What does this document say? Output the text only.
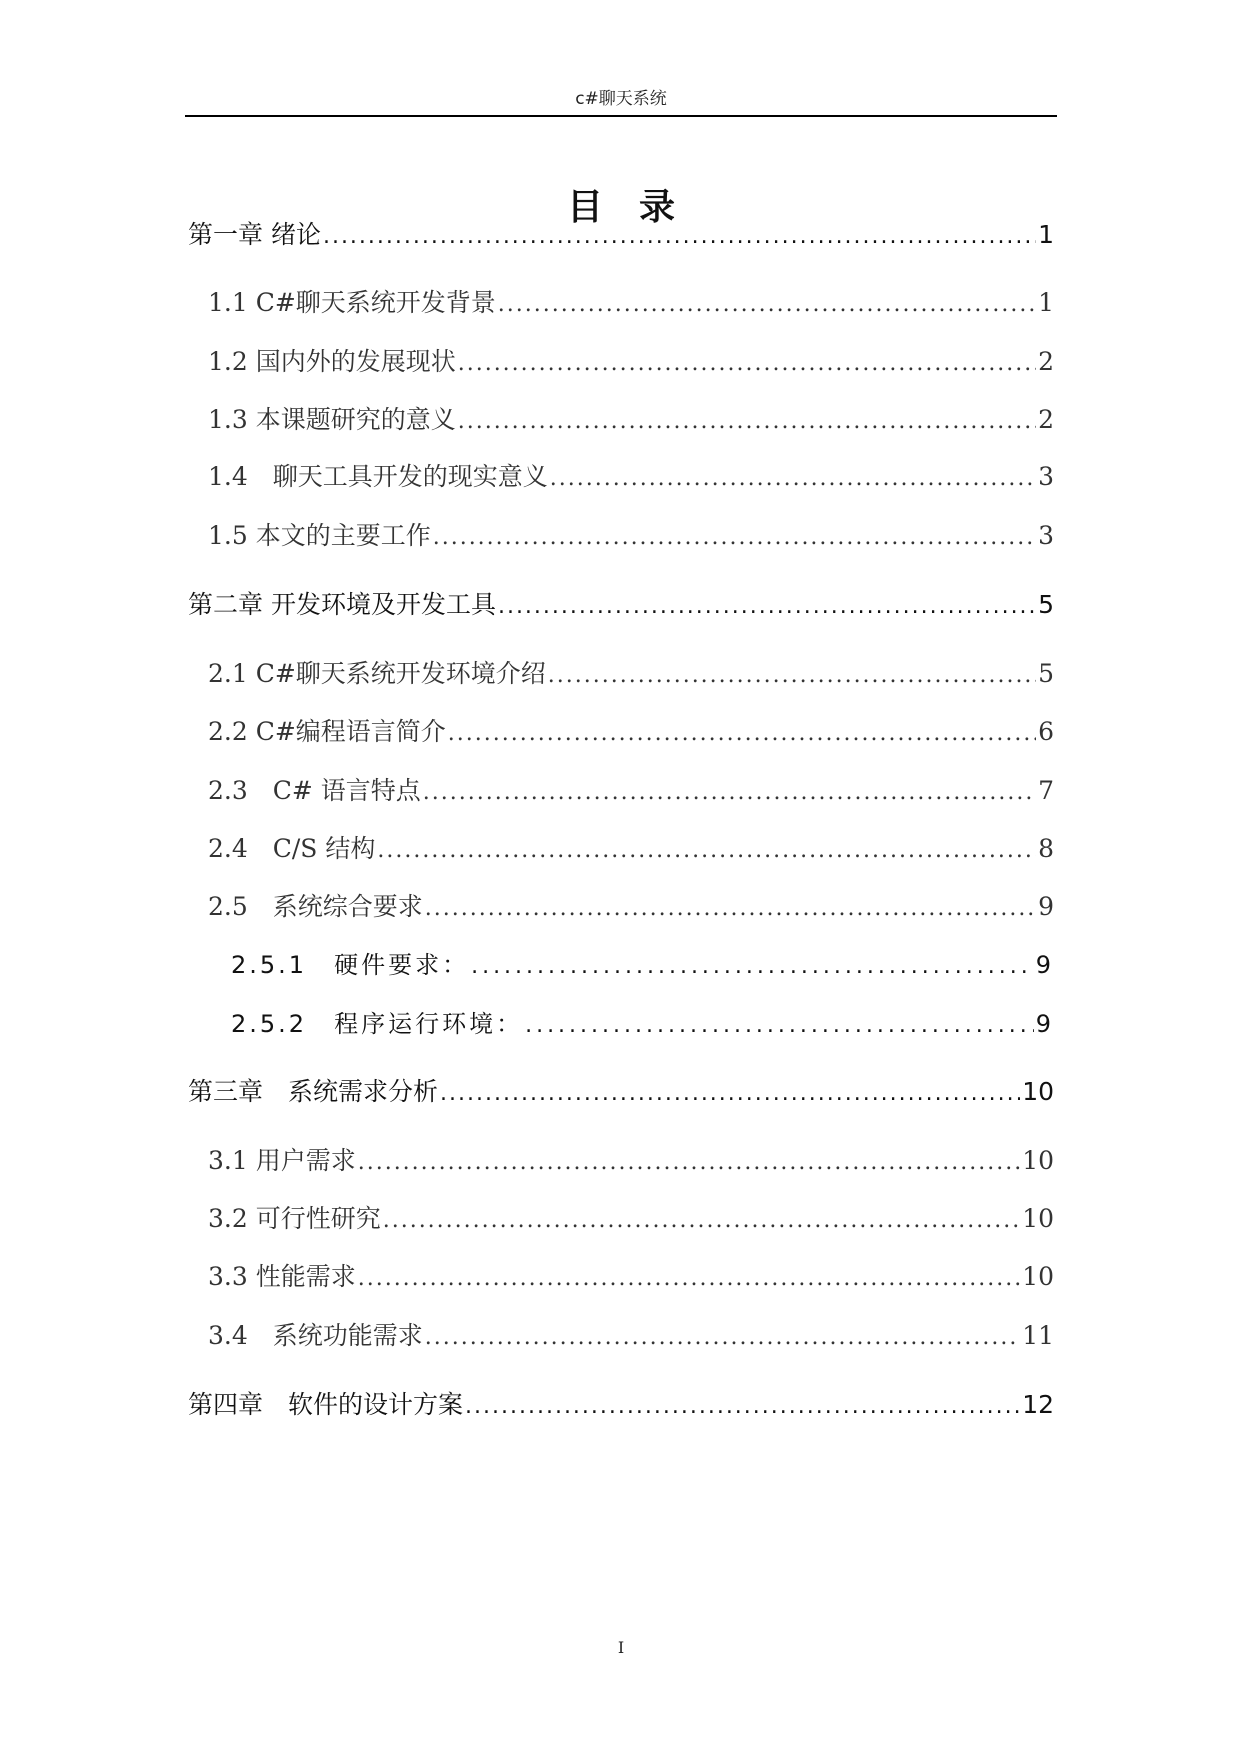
c#聊天系统
目录
第一章 绪论 .....	1
1.1 C#聊天系统开发背景 .....	1
1.2 国内外的发展现状 .....	2
1.3 本课题研究的意义 .....	2
1.4　聊天工具开发的现实意义 .....	3
1.5 本文的主要工作 .....	3
第二章 开发环境及开发工具 .....	5
2.1 C#聊天系统开发环境介绍 .....	5
2.2 C#编程语言简介 .....	6
2.3　C# 语言特点 .....	7
2.4　C/S 结构 .....	8
2.5　系统综合要求 .....	9
2.5.1　硬件要求： .....	9
2.5.2　程序运行环境： .....	9
第三章　系统需求分析 .....	10
3.1 用户需求 .....	10
3.2 可行性研究 .....	10
3.3 性能需求 .....	10
3.4　系统功能需求 .....	11
第四章　软件的设计方案 .....	12
I
